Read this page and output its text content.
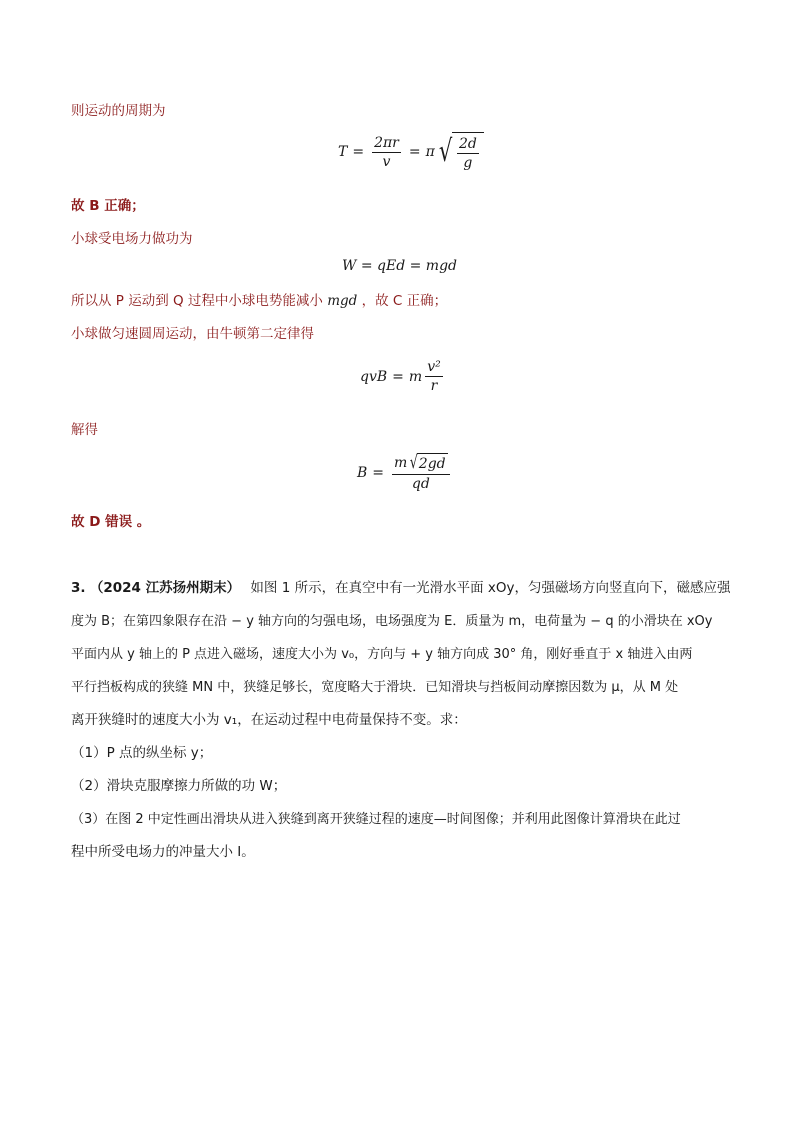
则运动的周期为
$T = \frac{2\pi r}{v} = \pi$ √ $\frac{2d}{g}$
故 B 正确；
小球受电场力做功为
W = qEd = mgd
所以从 P 运动到 Q 过程中小球电势能减小 mgd ，故 C 正确；
小球做匀速圆周运动，由牛顿第二定律得
qvB = m $\frac{\text{v²}}{r}$
解得
$B = \frac{m √ 2gd}{qd}$
故 D 错误 。
3. （2024 江苏扬州期末） 如图 1 所示，在真空中有一光滑水平面 xOy，匀强磁场方向竖直向下，磁感应强
度为 B；在第四象限存在沿 − y 轴方向的匀强电场，电场强度为 E．质量为 m，电荷量为 − q 的小滑块在 xOy
平面内从 y 轴上的 P 点进入磁场，速度大小为 v₀，方向与 + y 轴方向成 30° 角，刚好垂直于 x 轴进入由两
平行挡板构成的狭缝 MN 中，狭缝足够长，宽度略大于滑块．已知滑块与挡板间动摩擦因数为 μ，从 M 处
离开狭缝时的速度大小为 v₁，在运动过程中电荷量保持不变。求：
（1）P 点的纵坐标 y；
（2）滑块克服摩擦力所做的功 W；
（3）在图 2 中定性画出滑块从进入狭缝到离开狭缝过程的速度—时间图像；并利用此图像计算滑块在此过
程中所受电场力的冲量大小 I。
